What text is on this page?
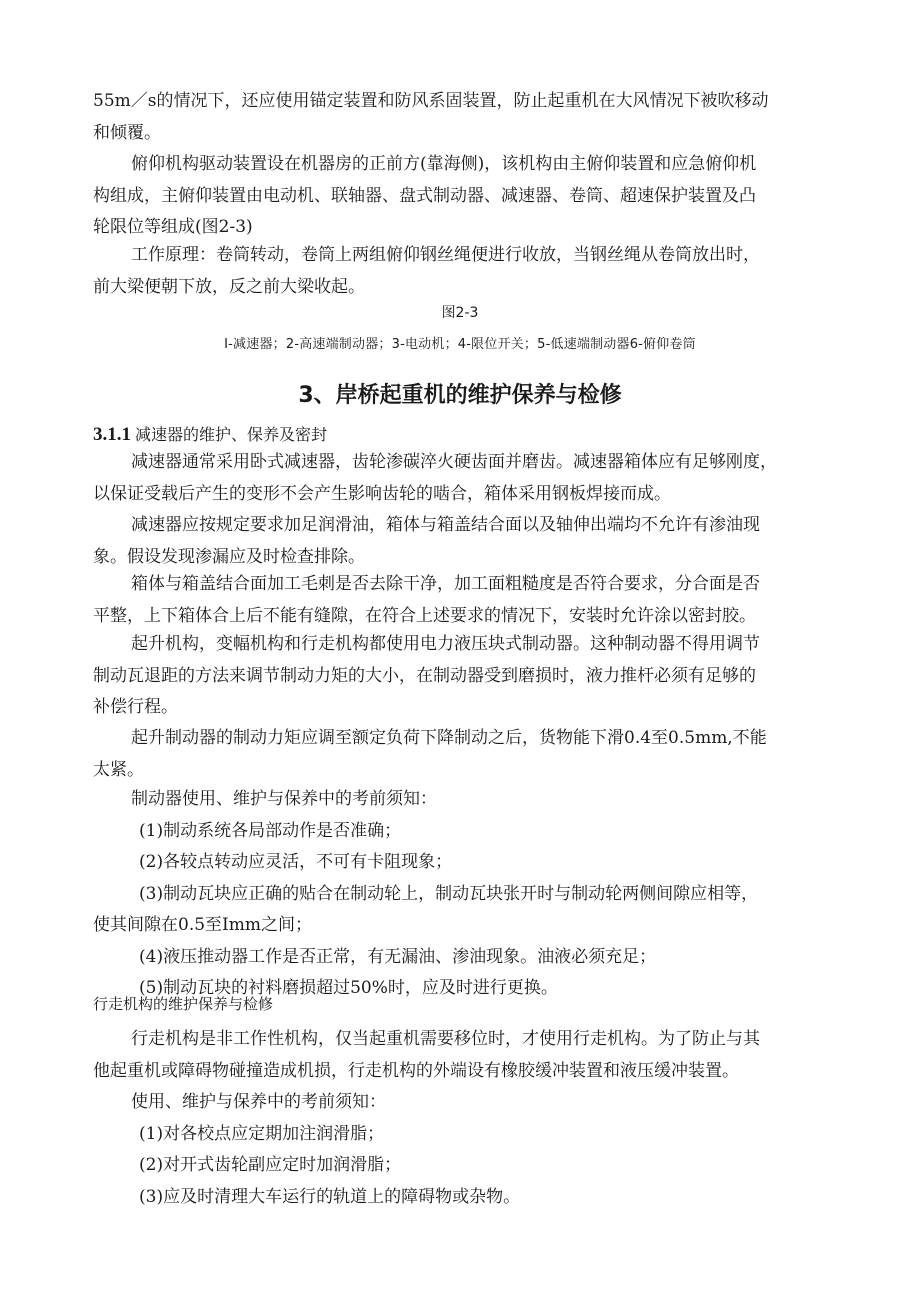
55m／s的情况下，还应使用锚定装置和防风系固装置，防止起重机在大风情况下被吹移动
和倾覆。
俯仰机构驱动装置设在机器房的正前方(靠海侧)，该机构由主俯仰装置和应急俯仰机
构组成，主俯仰装置由电动机、联轴器、盘式制动器、减速器、卷筒、超速保护装置及凸
轮限位等组成(图2-3)
工作原理：卷筒转动，卷筒上两组俯仰钢丝绳便进行收放，当钢丝绳从卷筒放出时，
前大梁便朝下放，反之前大梁收起。
图2-3
I-减速器；2-高速端制动器；3-电动机；4-限位开关；5-低速端制动器6-俯仰卷筒
3、岸桥起重机的维护保养与检修
3.1.1 减速器的维护、保养及密封
减速器通常采用卧式减速器，齿轮渗碳淬火硬齿面并磨齿。减速器箱体应有足够刚度，
以保证受载后产生的变形不会产生影响齿轮的啮合，箱体采用钢板焊接而成。
减速器应按规定要求加足润滑油，箱体与箱盖结合面以及轴伸出端均不允许有渗油现
象。假设发现渗漏应及时检查排除。
箱体与箱盖结合面加工毛刺是否去除干净，加工面粗糙度是否符合要求，分合面是否
平整，上下箱体合上后不能有缝隙，在符合上述要求的情况下，安装时允许涂以密封胶。
起升机构，变幅机构和行走机构都使用电力液压块式制动器。这种制动器不得用调节
制动瓦退距的方法来调节制动力矩的大小，在制动器受到磨损时，液力推杆必须有足够的
补偿行程。
起升制动器的制动力矩应调至额定负荷下降制动之后，货物能下滑0.4至0.5mm,不能
太紧。
制动器使用、维护与保养中的考前须知：
(1)制动系统各局部动作是否准确；
(2)各较点转动应灵活，不可有卡阻现象；
(3)制动瓦块应正确的贴合在制动轮上，制动瓦块张开时与制动轮两侧间隙应相等，
使其间隙在0.5至Imm之间；
(4)液压推动器工作是否正常，有无漏油、渗油现象。油液必须充足；
(5)制动瓦块的衬料磨损超过50%时，应及时进行更换。
行走机构的维护保养与检修
行走机构是非工作性机构，仅当起重机需要移位时，才使用行走机构。为了防止与其
他起重机或障碍物碰撞造成机损，行走机构的外端设有橡胶缓冲装置和液压缓冲装置。
使用、维护与保养中的考前须知：
(1)对各校点应定期加注润滑脂；
(2)对开式齿轮副应定时加润滑脂；
(3)应及时清理大车运行的轨道上的障碍物或杂物。
